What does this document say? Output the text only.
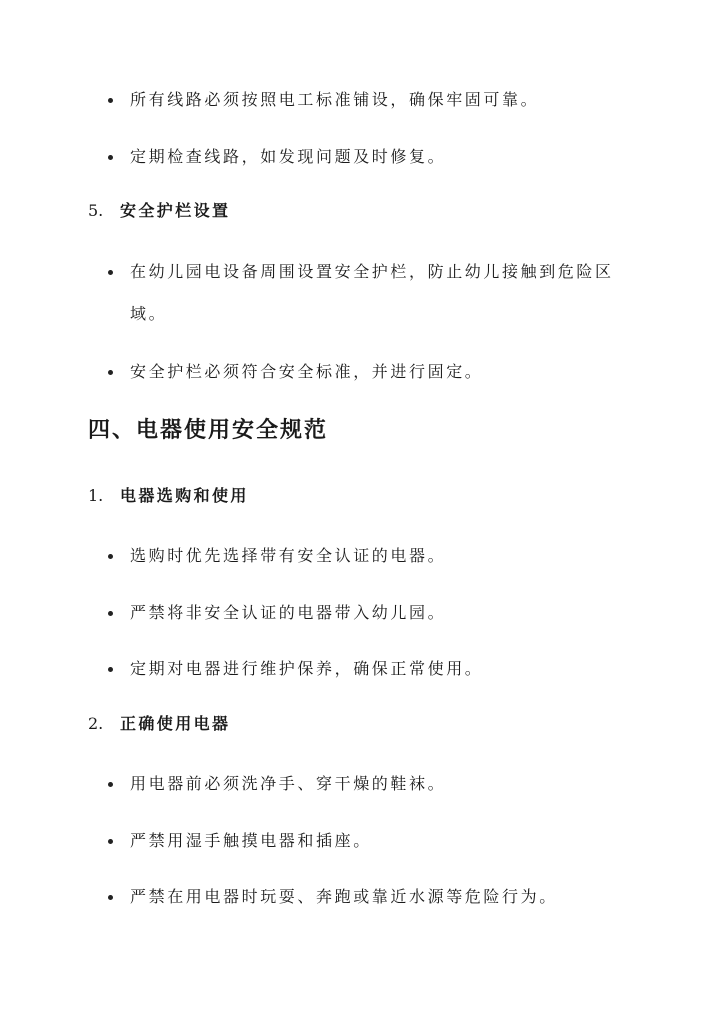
所有线路必须按照电工标准铺设，确保牢固可靠。
定期检查线路，如发现问题及时修复。
5. 安全护栏设置
在幼儿园电设备周围设置安全护栏，防止幼儿接触到危险区
域。
安全护栏必须符合安全标准，并进行固定。
四、电器使用安全规范
1. 电器选购和使用
选购时优先选择带有安全认证的电器。
严禁将非安全认证的电器带入幼儿园。
定期对电器进行维护保养，确保正常使用。
2. 正确使用电器
用电器前必须洗净手、穿干燥的鞋袜。
严禁用湿手触摸电器和插座。
严禁在用电器时玩耍、奔跑或靠近水源等危险行为。
